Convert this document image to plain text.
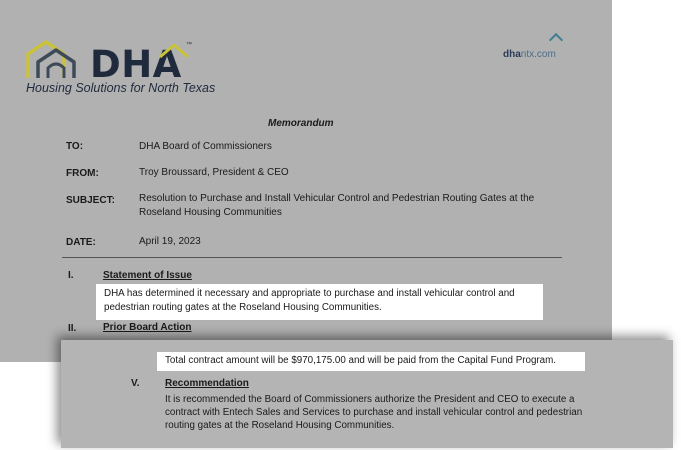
DHA ™
Housing Solutions for North Texas
dhantx.com
Memorandum
TO:	DHA Board of Commissioners
FROM:	Troy Broussard, President & CEO
SUBJECT: Resolution to Purchase and Install Vehicular Control and Pedestrian Routing Gates at the Roseland Housing Communities
DATE:	April 19, 2023
I.	Statement of Issue
DHA has determined it necessary and appropriate to purchase and install vehicular control and pedestrian routing gates at the Roseland Housing Communities.
II.	Prior Board Action
Total contract amount will be $970,175.00 and will be paid from the Capital Fund Program.
V.	Recommendation
It is recommended the Board of Commissioners authorize the President and CEO to execute a contract with Entech Sales and Services to purchase and install vehicular control and pedestrian routing gates at the Roseland Housing Communities.
